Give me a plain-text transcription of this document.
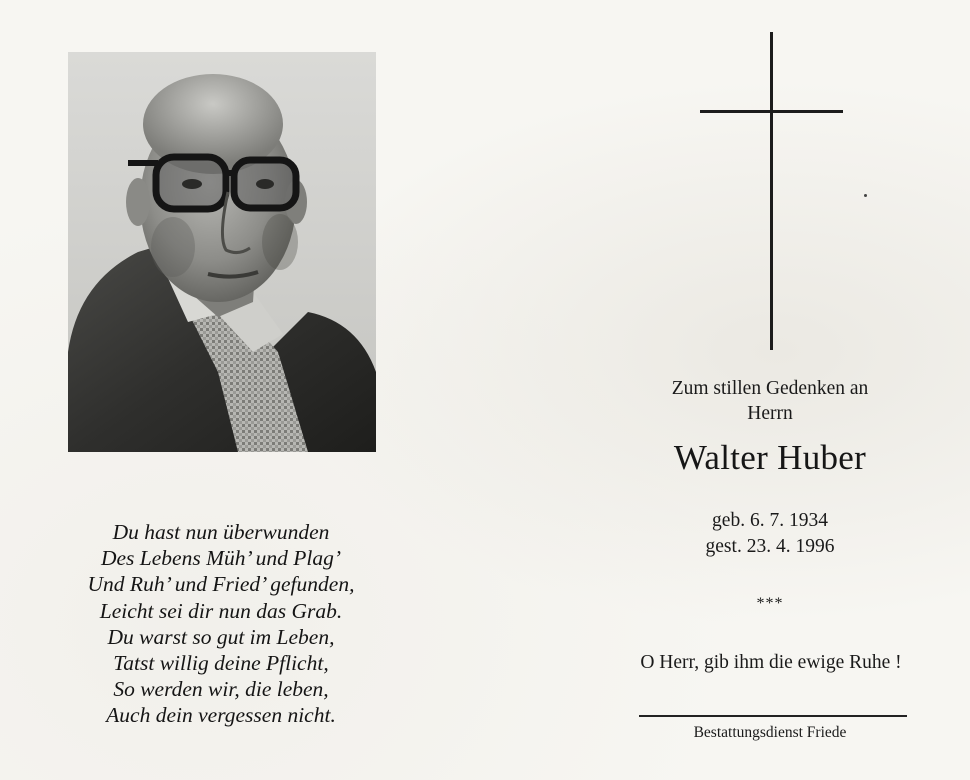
Du hast nun überwunden
Des Lebens Müh’ und Plag’
Und Ruh’ und Fried’ gefunden,
Leicht sei dir nun das Grab.
Du warst so gut im Leben,
Tatst willig deine Pflicht,
So werden wir, die leben,
Auch dein vergessen nicht.
Zum stillen Gedenken an
Herrn
Walter Huber
geb. 6. 7. 1934
gest. 23. 4. 1996
***
O Herr, gib ihm die ewige Ruhe !
Bestattungsdienst Friede
